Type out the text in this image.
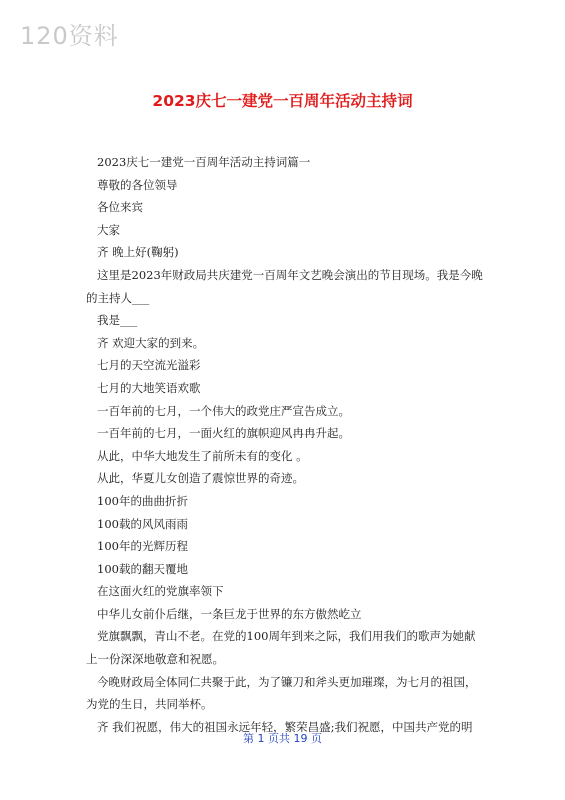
120资料
2023庆七一建党一百周年活动主持词

2023庆七一建党一百周年活动主持词篇一

尊敬的各位领导

各位来宾

大家

齐 晚上好(鞠躬)

这里是2023年财政局共庆建党一百周年文艺晚会演出的节目现场。我是今晚的主持人___

我是___

齐 欢迎大家的到来。

七月的天空流光溢彩

七月的大地笑语欢歌

一百年前的七月，一个伟大的政党庄严宣告成立。

一百年前的七月，一面火红的旗帜迎风冉冉升起。

从此，中华大地发生了前所未有的变化 。

从此，华夏儿女创造了震惊世界的奇迹。

100年的曲曲折折

100载的风风雨雨

100年的光辉历程

100载的翻天覆地

在这面火红的党旗率领下

中华儿女前仆后继，一条巨龙于世界的东方傲然屹立

党旗飘飘，青山不老。在党的100周年到来之际，我们用我们的歌声为她献上一份深深地敬意和祝愿。

今晚财政局全体同仁共聚于此，为了镰刀和斧头更加璀璨，为七月的祖国，为党的生日，共同举杯。

齐 我们祝愿，伟大的祖国永远年轻，繁荣昌盛;我们祝愿，中国共产党的明

第 1 页共 19 页
